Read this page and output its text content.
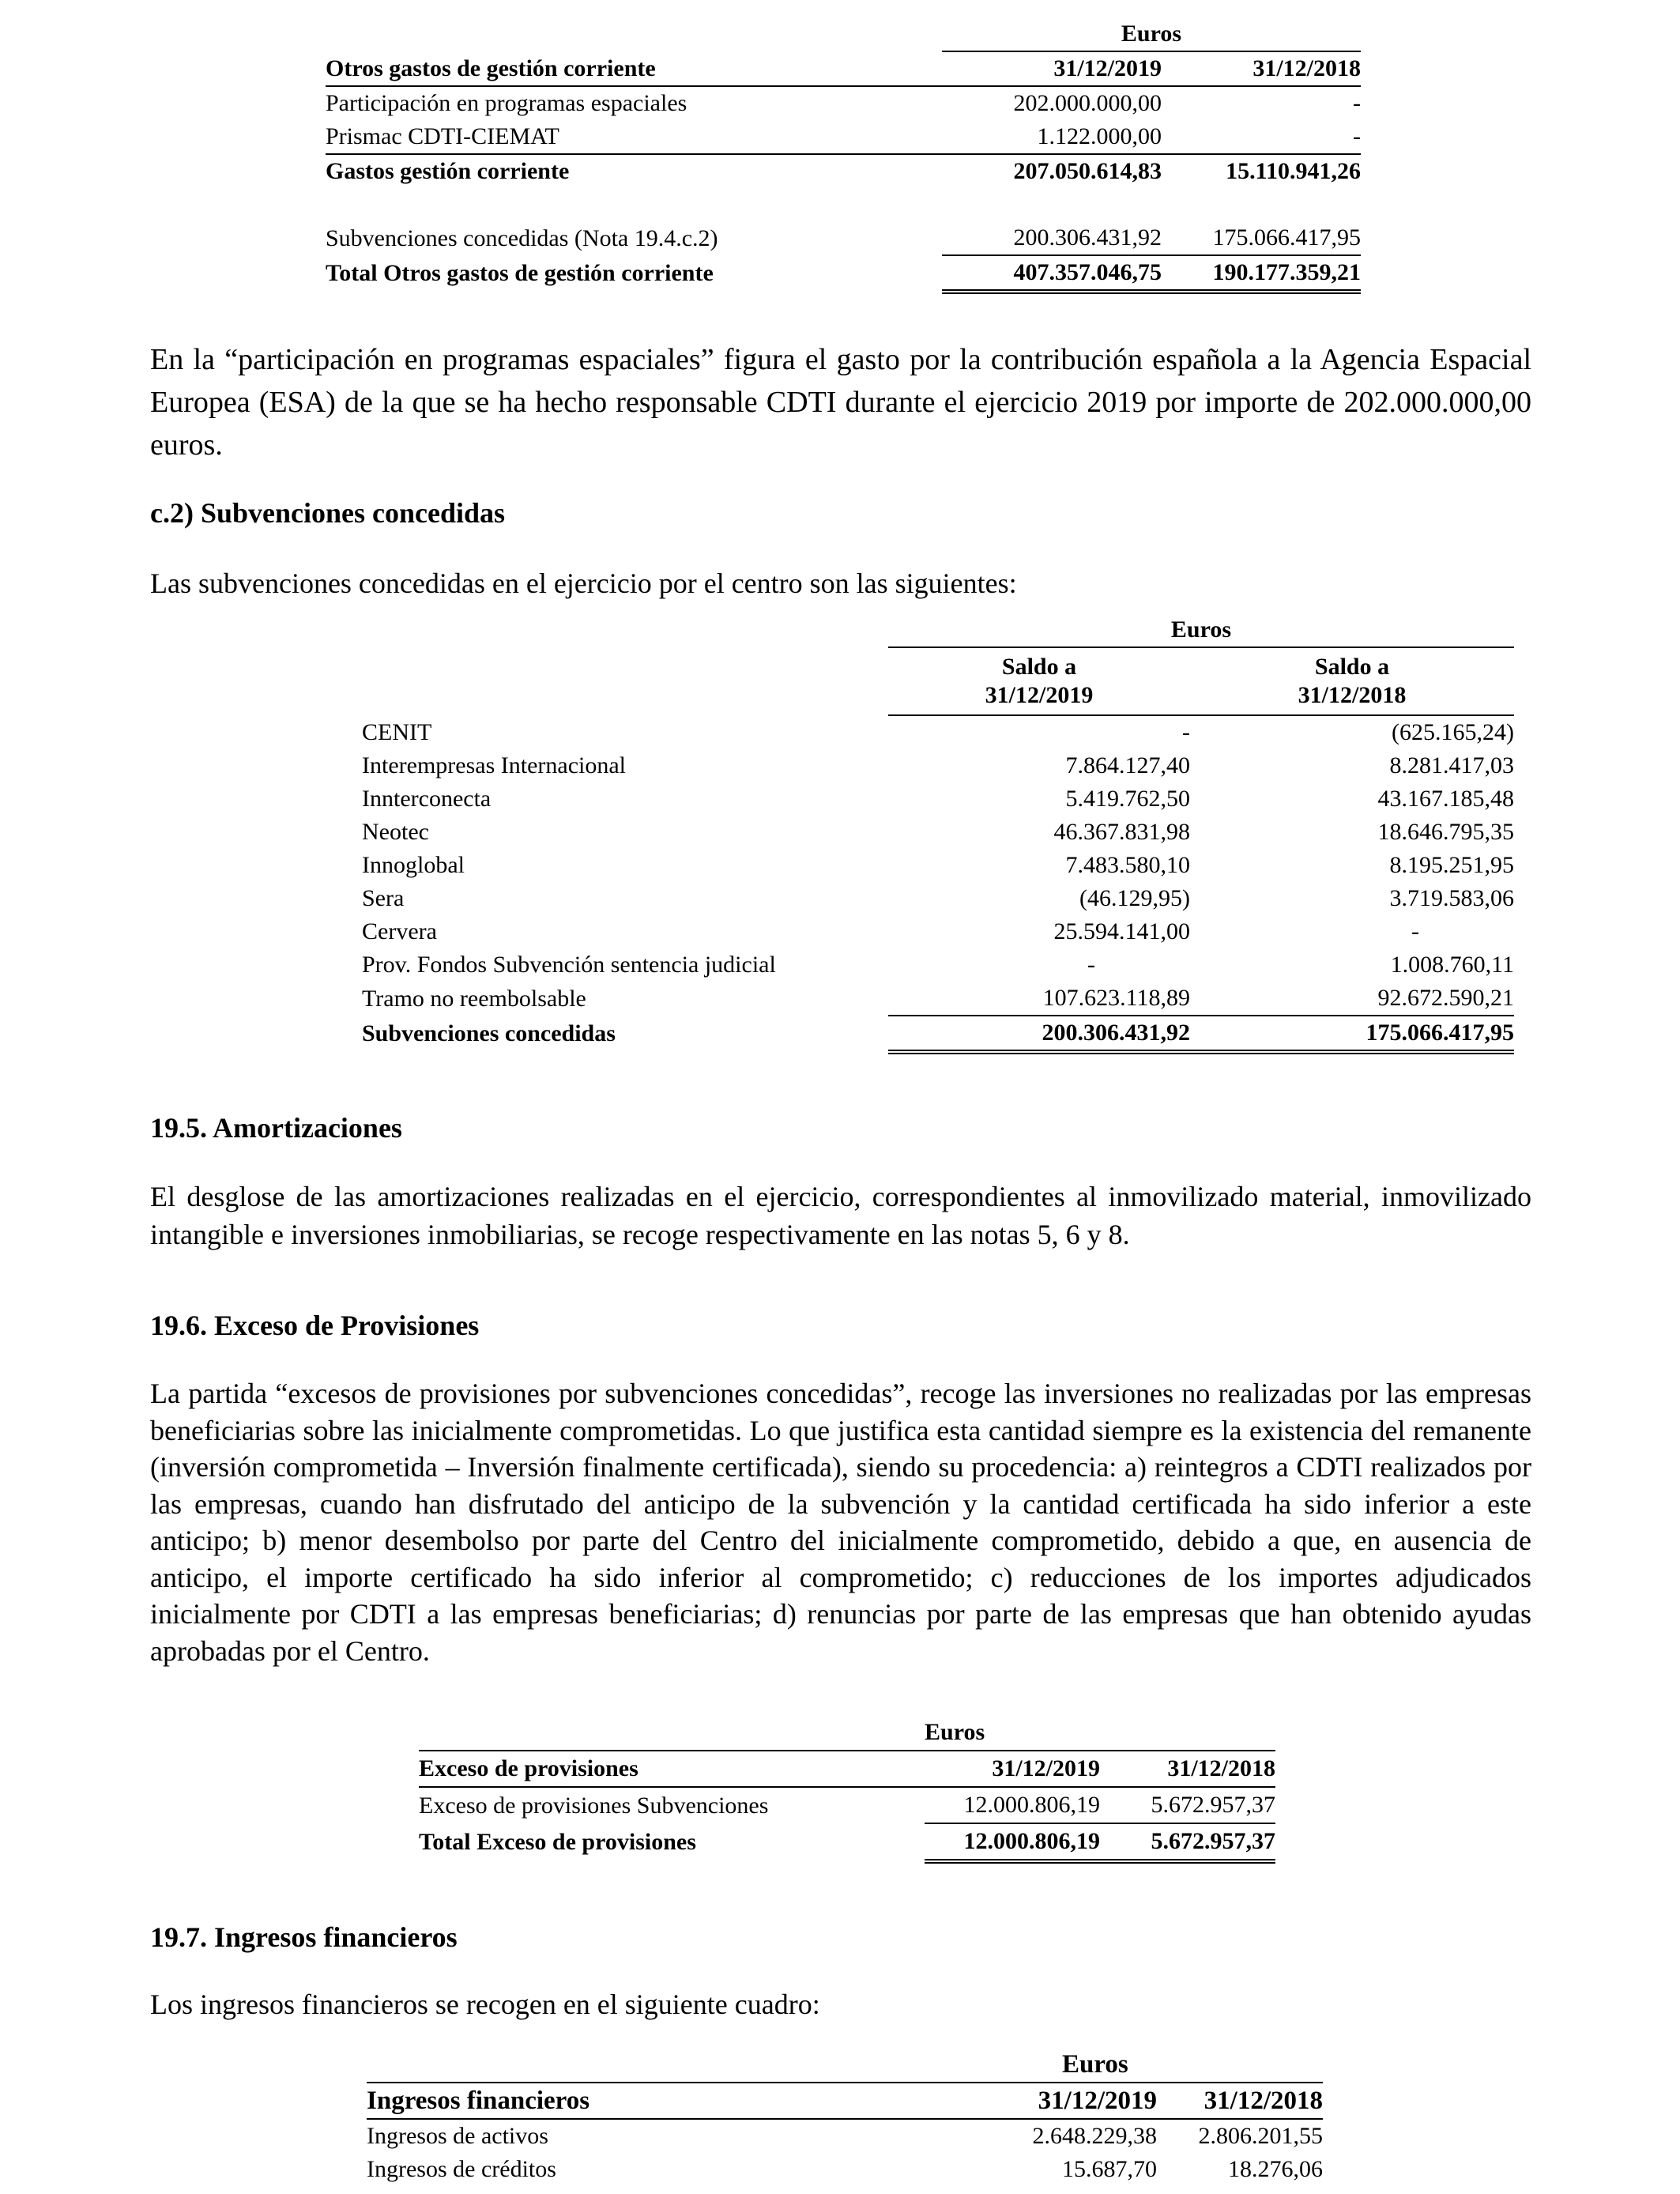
	Euros	
Otros gastos de gestión corriente	31/12/2019	31/12/2018
Participación en programas espaciales	202.000.000,00	-
Prismac CDTI-CIEMAT	1.122.000,00	-
Gastos gestión corriente	207.050.614,83	15.110.941,26

Subvenciones concedidas (Nota 19.4.c.2)	200.306.431,92	175.066.417,95
Total Otros gastos de gestión corriente	407.357.046,75	190.177.359,21

En la “participación en programas espaciales” figura el gasto por la contribución española a la Agencia Espacial Europea (ESA) de la que se ha hecho responsable CDTI durante el ejercicio 2019 por importe de 202.000.000,00 euros.

c.2) Subvenciones concedidas

Las subvenciones concedidas en el ejercicio por el centro son las siguientes:

	Euros	
	Saldo a	Saldo a
	31/12/2019	31/12/2018
CENIT	-	(625.165,24)
Interempresas Internacional	7.864.127,40	8.281.417,03
Innterconecta	5.419.762,50	43.167.185,48
Neotec	46.367.831,98	18.646.795,35
Innoglobal	7.483.580,10	8.195.251,95
Sera	(46.129,95)	3.719.583,06
Cervera	25.594.141,00	-
Prov. Fondos Subvención sentencia judicial	-	1.008.760,11
Tramo no reembolsable	107.623.118,89	92.672.590,21
Subvenciones concedidas	200.306.431,92	175.066.417,95
19.5. Amortizaciones

El desglose de las amortizaciones realizadas en el ejercicio, correspondientes al inmovilizado material, inmovilizado intangible e inversiones inmobiliarias, se recoge respectivamente en las notas 5, 6 y 8.

19.6. Exceso de Provisiones

La partida “excesos de provisiones por subvenciones concedidas”, recoge las inversiones no realizadas por las empresas beneficiarias sobre las inicialmente comprometidas. Lo que justifica esta cantidad siempre es la existencia del remanente (inversión comprometida – Inversión finalmente certificada), siendo su procedencia: a) reintegros a CDTI realizados por las empresas, cuando han disfrutado del anticipo de la subvención y la cantidad certificada ha sido inferior a este anticipo; b) menor desembolso por parte del Centro del inicialmente comprometido, debido a que, en ausencia de anticipo, el importe certificado ha sido inferior al comprometido; c) reducciones de los importes adjudicados inicialmente por CDTI a las empresas beneficiarias; d) renuncias por parte de las empresas que han obtenido ayudas aprobadas por el Centro.

	Euros	
Exceso de provisiones	31/12/2019	31/12/2018
Exceso de provisiones Subvenciones	12.000.806,19	5.672.957,37
Total Exceso de provisiones	12.000.806,19	5.672.957,37
19.7. Ingresos financieros

Los ingresos financieros se recogen en el siguiente cuadro:

	Euros	
Ingresos financieros	31/12/2019	31/12/2018
Ingresos de activos	2.648.229,38	2.806.201,55
Ingresos de créditos	15.687,70	18.276,06
